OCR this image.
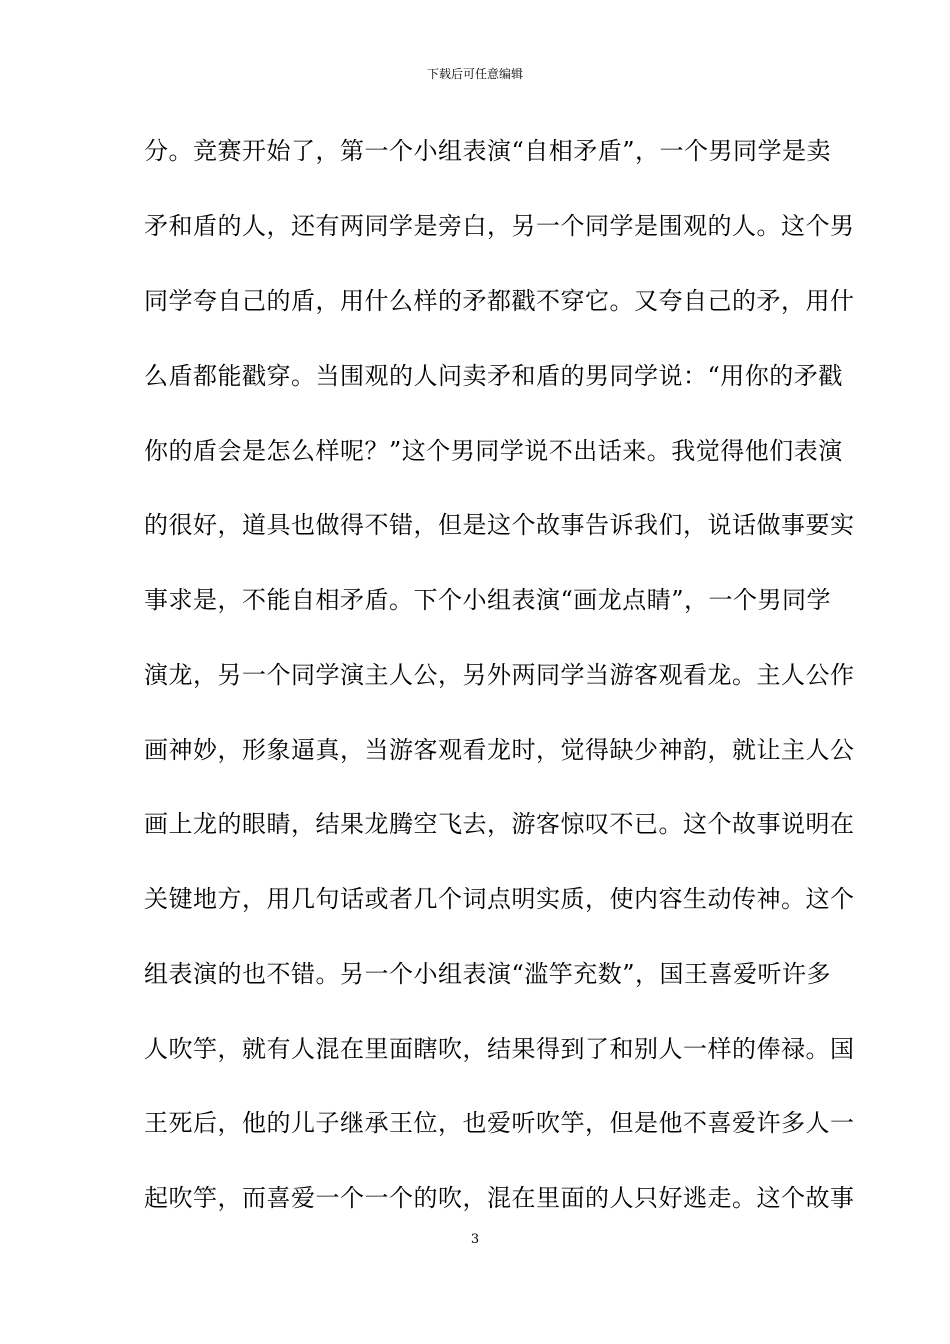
下载后可任意编辑
分。竞赛开始了，第一个小组表演“自相矛盾”，一个男同学是卖
矛和盾的人，还有两同学是旁白，另一个同学是围观的人。这个男
同学夸自己的盾，用什么样的矛都戳不穿它。又夸自己的矛，用什
么盾都能戳穿。当围观的人问卖矛和盾的男同学说：“用你的矛戳
你的盾会是怎么样呢？”这个男同学说不出话来。我觉得他们表演
的很好，道具也做得不错，但是这个故事告诉我们，说话做事要实
事求是，不能自相矛盾。下个小组表演“画龙点睛”，一个男同学
演龙，另一个同学演主人公，另外两同学当游客观看龙。主人公作
画神妙，形象逼真，当游客观看龙时，觉得缺少神韵，就让主人公
画上龙的眼睛，结果龙腾空飞去，游客惊叹不已。这个故事说明在
关键地方，用几句话或者几个词点明实质，使内容生动传神。这个
组表演的也不错。另一个小组表演“滥竽充数”，国王喜爱听许多
人吹竽，就有人混在里面瞎吹，结果得到了和别人一样的俸禄。国
王死后，他的儿子继承王位，也爱听吹竽，但是他不喜爱许多人一
起吹竽，而喜爱一个一个的吹，混在里面的人只好逃走。这个故事
3
